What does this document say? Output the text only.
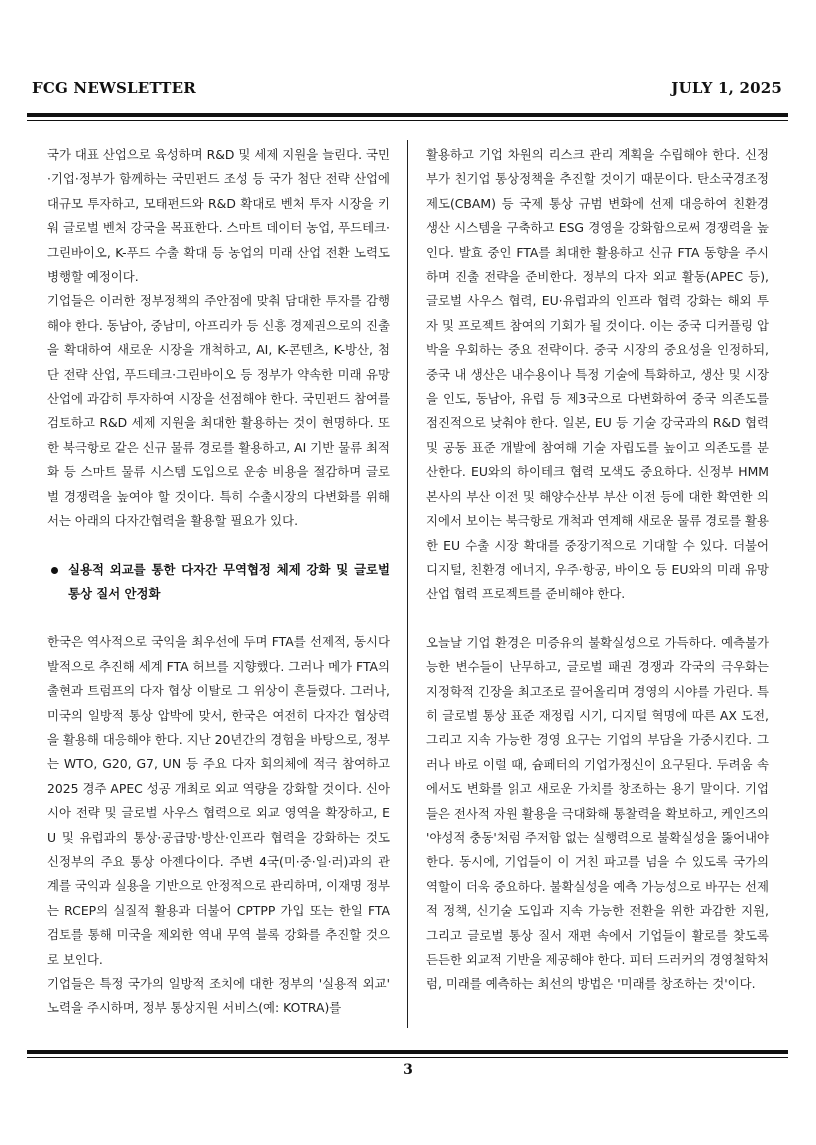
FCG NEWSLETTER	JULY 1, 2025

국가 대표 산업으로 육성하며 R&D 및 세제 지원을 늘린다. 국민·기업·정부가 함께하는 국민펀드 조성 등 국가 첨단 전략 산업에 대규모 투자하고, 모태펀드와 R&D 확대로 벤처 투자 시장을 키워 글로벌 벤처 강국을 목표한다. 스마트 데이터 농업, 푸드테크·그린바이오, K-푸드 수출 확대 등 농업의 미래 산업 전환 노력도 병행할 예정이다.

기업들은 이러한 정부정책의 주안점에 맞춰 담대한 투자를 감행해야 한다. 동남아, 중남미, 아프리카 등 신흥 경제권으로의 진출을 확대하여 새로운 시장을 개척하고, AI, K-콘텐츠, K-방산, 첨단 전략 산업, 푸드테크·그린바이오 등 정부가 약속한 미래 유망 산업에 과감히 투자하여 시장을 선점해야 한다. 국민펀드 참여를 검토하고 R&D 세제 지원을 최대한 활용하는 것이 현명하다. 또한 북극항로 같은 신규 물류 경로를 활용하고, AI 기반 물류 최적화 등 스마트 물류 시스템 도입으로 운송 비용을 절감하며 글로벌 경쟁력을 높여야 할 것이다. 특히 수출시장의 다변화를 위해서는 아래의 다자간협력을 활용할 필요가 있다.

실용적 외교를 통한 다자간 무역협정 체제 강화 및 글로벌 통상 질서 안정화

한국은 역사적으로 국익을 최우선에 두며 FTA를 선제적, 동시다발적으로 추진해 세계 FTA 허브를 지향했다. 그러나 메가 FTA의 출현과 트럼프의 다자 협상 이탈로 그 위상이 흔들렸다. 그러나, 미국의 일방적 통상 압박에 맞서, 한국은 여전히 다자간 협상력을 활용해 대응해야 한다. 지난 20년간의 경험을 바탕으로, 정부는 WTO, G20, G7, UN 등 주요 다자 회의체에 적극 참여하고 2025 경주 APEC 성공 개최로 외교 역량을 강화할 것이다. 신아시아 전략 및 글로벌 사우스 협력으로 외교 영역을 확장하고, EU 및 유럽과의 통상·공급망·방산·인프라 협력을 강화하는 것도 신정부의 주요 통상 아젠다이다. 주변 4국(미·중·일·러)과의 관계를 국익과 실용을 기반으로 안정적으로 관리하며, 이재명 정부는 RCEP의 실질적 활용과 더불어 CPTPP 가입 또는 한일 FTA 검토를 통해 미국을 제외한 역내 무역 블록 강화를 추진할 것으로 보인다.

기업들은 특정 국가의 일방적 조치에 대한 정부의 '실용적 외교' 노력을 주시하며, 정부 통상지원 서비스(예: KOTRA)를

활용하고 기업 차원의 리스크 관리 계획을 수립해야 한다. 신정부가 친기업 통상정책을 추진할 것이기 때문이다. 탄소국경조정제도(CBAM) 등 국제 통상 규범 변화에 선제 대응하여 친환경 생산 시스템을 구축하고 ESG 경영을 강화함으로써 경쟁력을 높인다. 발효 중인 FTA를 최대한 활용하고 신규 FTA 동향을 주시하며 진출 전략을 준비한다. 정부의 다자 외교 활동(APEC 등), 글로벌 사우스 협력, EU·유럽과의 인프라 협력 강화는 해외 투자 및 프로젝트 참여의 기회가 될 것이다. 이는 중국 디커플링 압박을 우회하는 중요 전략이다. 중국 시장의 중요성을 인정하되, 중국 내 생산은 내수용이나 특정 기술에 특화하고, 생산 및 시장을 인도, 동남아, 유럽 등 제3국으로 다변화하여 중국 의존도를 점진적으로 낮춰야 한다. 일본, EU 등 기술 강국과의 R&D 협력 및 공동 표준 개발에 참여해 기술 자립도를 높이고 의존도를 분산한다. EU와의 하이테크 협력 모색도 중요하다. 신정부 HMM 본사의 부산 이전 및 해양수산부 부산 이전 등에 대한 확연한 의지에서 보이는 북극항로 개척과 연계해 새로운 물류 경로를 활용한 EU 수출 시장 확대를 중장기적으로 기대할 수 있다. 더불어 디지털, 친환경 에너지, 우주·항공, 바이오 등 EU와의 미래 유망 산업 협력 프로젝트를 준비해야 한다.

오늘날 기업 환경은 미증유의 불확실성으로 가득하다. 예측불가능한 변수들이 난무하고, 글로벌 패권 경쟁과 각국의 극우화는 지정학적 긴장을 최고조로 끌어올리며 경영의 시야를 가린다. 특히 글로벌 통상 표준 재정립 시기, 디지털 혁명에 따른 AX 도전, 그리고 지속 가능한 경영 요구는 기업의 부담을 가중시킨다. 그러나 바로 이럴 때, 슘페터의 기업가정신이 요구된다. 두려움 속에서도 변화를 읽고 새로운 가치를 창조하는 용기 말이다. 기업들은 전사적 자원 활용을 극대화해 통찰력을 확보하고, 케인즈의 '야성적 충동'처럼 주저함 없는 실행력으로 불확실성을 뚫어내야 한다. 동시에, 기업들이 이 거친 파고를 넘을 수 있도록 국가의 역할이 더욱 중요하다. 불확실성을 예측 가능성으로 바꾸는 선제적 정책, 신기술 도입과 지속 가능한 전환을 위한 과감한 지원, 그리고 글로벌 통상 질서 재편 속에서 기업들이 활로를 찾도록 든든한 외교적 기반을 제공해야 한다. 피터 드러커의 경영철학처럼, 미래를 예측하는 최선의 방법은 '미래를 창조하는 것'이다.

3
